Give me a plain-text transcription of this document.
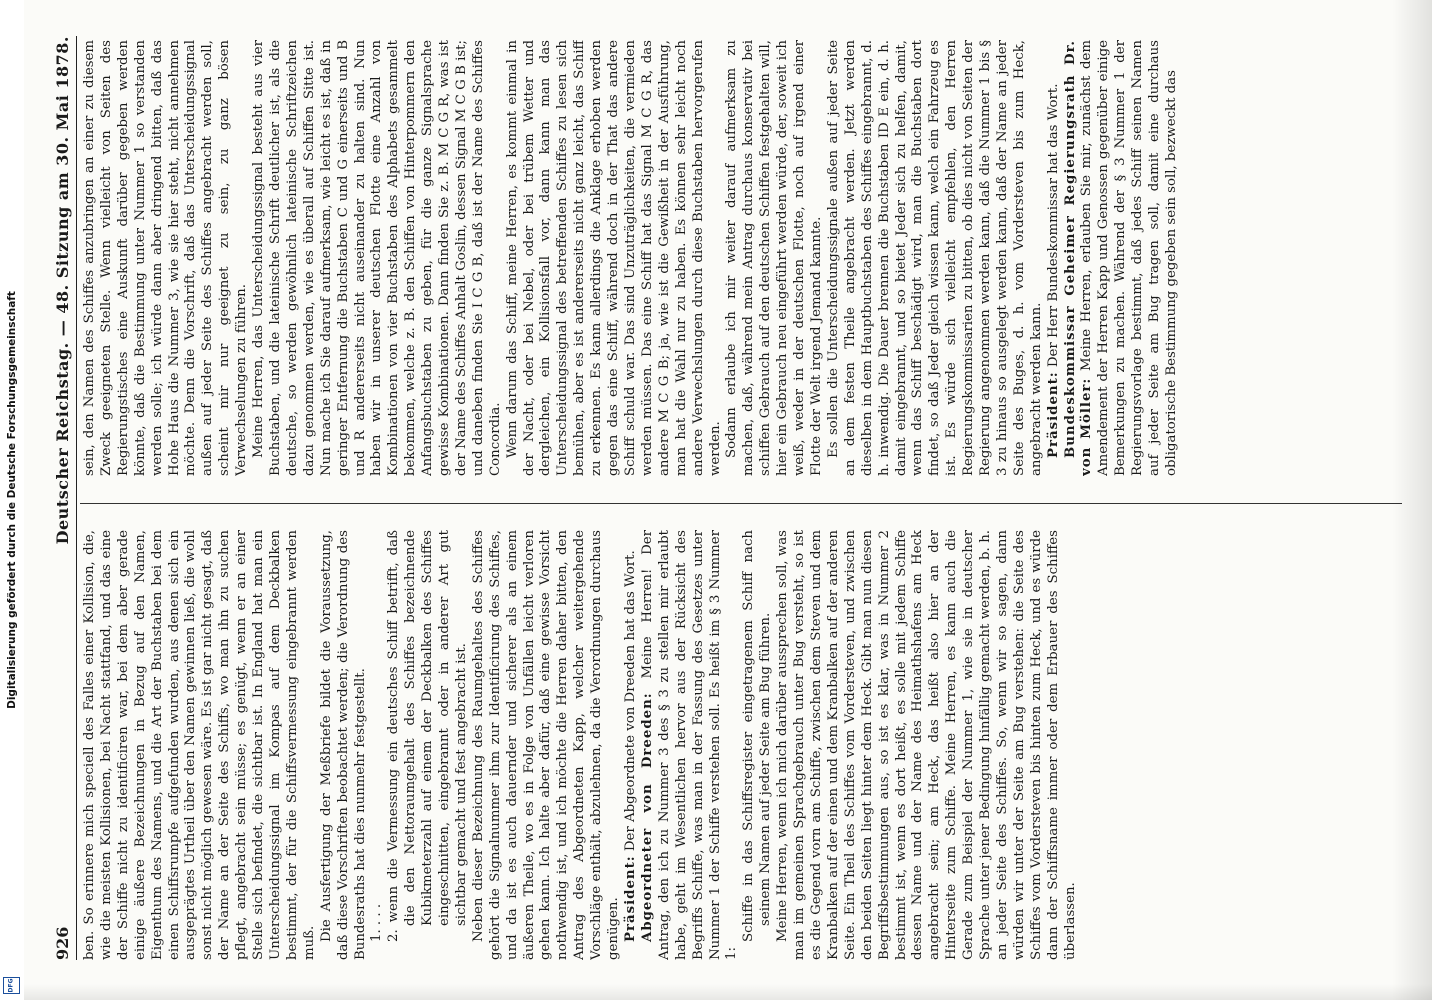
Digitalisierung gefördert durch die Deutsche Forschungsgemeinschaft
DFG
926
Deutscher Reichstag. — 48. Sitzung am 30. Mai 1878.

ben. So erinnere mich speciell des Falles einer Kollision, die, wie die meisten Kollisionen, bei Nacht stattfand, und das eine der Schiffe nicht zu identificiren war, bei dem aber gerade einige äußere Bezeichnungen in Bezug auf den Namen, Eigenthum des Namens, und die Art der Buchstaben bei dem einen Schiffsrumpfe aufgefunden wurden, aus denen sich ein ausgeprägtes Urtheil über den Namen gewinnen ließ, die wohl sonst nicht möglich gewesen wäre. Es ist gar nicht gesagt, daß der Name an der Seite des Schiffs, wo man ihn zu suchen pflegt, angebracht sein müsse; es genügt, wenn er an einer Stelle sich befindet, die sichtbar ist. In England hat man ein Unterscheidungssignal im Kompas auf dem Deckbalken bestimmt, der für die Schiffsvermessung eingebrannt werden muß.

Die Ausfertigung der Meßbriefe bildet die Voraussetzung, daß diese Vorschriften beobachtet werden; die Verordnung des Bundesraths hat dies nunmehr festgestellt. 1. . . . 2. wenn die Vermessung ein deutsches Schiff betrifft, daß die den Nettoraumgehalt des Schiffes bezeichnende Kubikmeterzahl auf einem der Deckbalken des Schiffes eingeschnitten, eingebrannt oder in anderer Art gut sichtbar gemacht und fest angebracht ist. Neben dieser Bezeichnung des Raumgehaltes des Schiffes gehört die Signalnummer ihm zur Identificirung des Schiffes, und da ist es auch dauernder und sicherer als an einem äußeren Theile, wo es in Folge von Unfällen leicht verloren gehen kann. Ich halte aber dafür, daß eine gewisse Vorsicht nothwendig ist, und ich möchte die Herren daher bitten, den Antrag des Abgeordneten Kapp, welcher weitergehende Vorschläge enthält, abzulehnen, da die Verordnungen durchaus genügen. Präsident: Der Abgeordnete von Dreeden hat das Wort. Abgeordneter von Dreeden: Meine Herren! Der Antrag, den ich zu Nummer 3 des § 3 zu stellen mir erlaubt habe, geht im Wesentlichen hervor aus der Rücksicht des Begriffs Schiffe, was man in der Fassung des Gesetzes unter Nummer 1 der Schiffe verstehen soll. Es heißt im § 3 Nummer 1:

Schiffe in das Schiffsregister eingetragenem Schiff nach seinem Namen auf jeder Seite am Bug führen. Meine Herren, wenn ich mich darüber aussprechen soll, was man im gemeinen Sprachgebrauch unter Bug versteht, so ist es die Gegend vorn am Schiffe, zwischen dem Steven und dem Kranbalken auf der einen und dem Kranbalken auf der anderen Seite. Ein Theil des Schiffes vom Vordersteven, und zwischen den beiden Seiten liegt hinter dem Heck. Gibt man nun diesen Begriffsbestimmungen aus, so ist es klar, was in Nummer 2 bestimmt ist, wenn es dort heißt, es solle mit jedem Schiffe dessen Name und der Name des Heimathshafens am Heck angebracht sein; am Heck, das heißt also hier an der Hinterseite zum Schiffe. Meine Herren, es kann auch die Gerade zum Beispiel der Nummer 1, wie sie in deutscher Sprache unter jener Bedingung hinfällig gemacht werden, b. h. an jeder Seite des Schiffes. So, wenn wir so sagen, dann würden wir unter der Seite am Bug verstehen: die Seite des Schiffes vom Vordersteven bis hinten zum Heck, und es würde dann der Schiffsname immer oder dem Erbauer des Schiffes überlassen.

sein, den Namen des Schiffes anzubringen an einer zu diesem Zweck geeigneten Stelle. Wenn vielleicht von Seiten des Regierungstisches eine Auskunft darüber gegeben werden könnte, daß die Bestimmung unter Nummer 1 so verstanden werden solle; ich würde dann aber dringend bitten, daß das Hohe Haus die Nummer 3, wie sie hier steht, nicht annehmen möchte. Denn die Vorschrift, daß das Unterscheidungssignal außen auf jeder Seite des Schiffes angebracht werden soll, scheint mir nur geeignet zu sein, zu ganz bösen Verwechselungen zu führen. Meine Herren, das Unterscheidungssignal besteht aus vier Buchstaben, und die lateinische Schrift deutlicher ist, als die deutsche, so werden gewöhnlich lateinische Schriftzeichen dazu genommen werden, wie es überall auf Schiffen Sitte ist. Nun mache ich Sie darauf aufmerksam, wie leicht es ist, daß in geringer Entfernung die Buchstaben C und G einerseits und B und R andererseits nicht auseinander zu halten sind. Nun haben wir in unserer deutschen Flotte eine Anzahl von Kombinationen von vier Buchstaben des Alphabets gesammelt bekommen, welche z. B. den Schiffen von Hinterpommern den Anfangsbuchstaben zu geben, für die ganze Signalsprache gewisse Kombinationen. Dann finden Sie z. B. M C G R, was ist der Name des Schiffes Anhalt Goslin, dessen Signal M C G B ist; und daneben finden Sie I C G B, daß ist der Name des Schiffes Concordia. Wenn darum das Schiff, meine Herren, es kommt einmal in der Nacht, oder bei Nebel, oder bei trübem Wetter und dergleichen, ein Kollisionsfall vor, dann kann man das Unterscheidungssignal des betreffenden Schiffes zu lesen sich bemühen, aber es ist andererseits nicht ganz leicht, das Schiff zu erkennen. Es kann allerdings die Anklage erhoben werden gegen das eine Schiff, während doch in der That das andere Schiff schuld war. Das sind Unzuträglichkeiten, die vermieden werden müssen. Das eine Schiff hat das Signal M C G R, das andere M C G B; ja, wie ist die Gewißheit in der Ausführung, man hat die Wahl nur zu haben. Es können sehr leicht noch andere Verwechslungen durch diese Buchstaben hervorgerufen werden. Sodann erlaube ich mir weiter darauf aufmerksam zu machen, daß, während mein Antrag durchaus konservativ bei schiffen Gebrauch auf den deutschen Schiffen festgehalten will, hier ein Gebrauch neu eingeführt werden würde, der, soweit ich weiß, weder in der deutschen Flotte, noch auf irgend einer Flotte der Welt irgend Jemand kannte. Es sollen die Unterscheidungssignale außen auf jeder Seite an dem festen Theile angebracht werden. Jetzt werden dieselben in dem Hauptbuchstaben des Schiffes eingebrannt, d. h. inwendig. Die Dauer brennen die Buchstaben ID E ein, d. h. damit eingebrannt, und so bietet Jeder sich zu helfen, damit, wenn das Schiff beschädigt wird, man die Buchstaben dort findet, so daß Jeder gleich wissen kann, welch ein Fahrzeug es ist. Es würde sich vielleicht empfehlen, den Herren Regierungskommissarien zu bitten, ob dies nicht von Seiten der Regierung angenommen werden kann, daß die Nummer 1 bis § 3 zu hinaus so ausgelegt werden kann, daß der Name an jeder Seite des Buges, d. h. vom Vordersteven bis zum Heck, angebracht werden kann. Präsident: Der Herr Bundeskommissar hat das Wort. Bundeskommissar Geheimer Regierungsrath Dr. von Möller: Meine Herren, erlauben Sie mir, zunächst dem Amendement der Herren Kapp und Genossen gegenüber einige Bemerkungen zu machen. Während der § 3 Nummer 1 der Regierungsvorlage bestimmt, daß jedes Schiff seinen Namen auf jeder Seite am Bug tragen soll, damit eine durchaus obligatorische Bestimmung gegeben sein soll, bezweckt das
